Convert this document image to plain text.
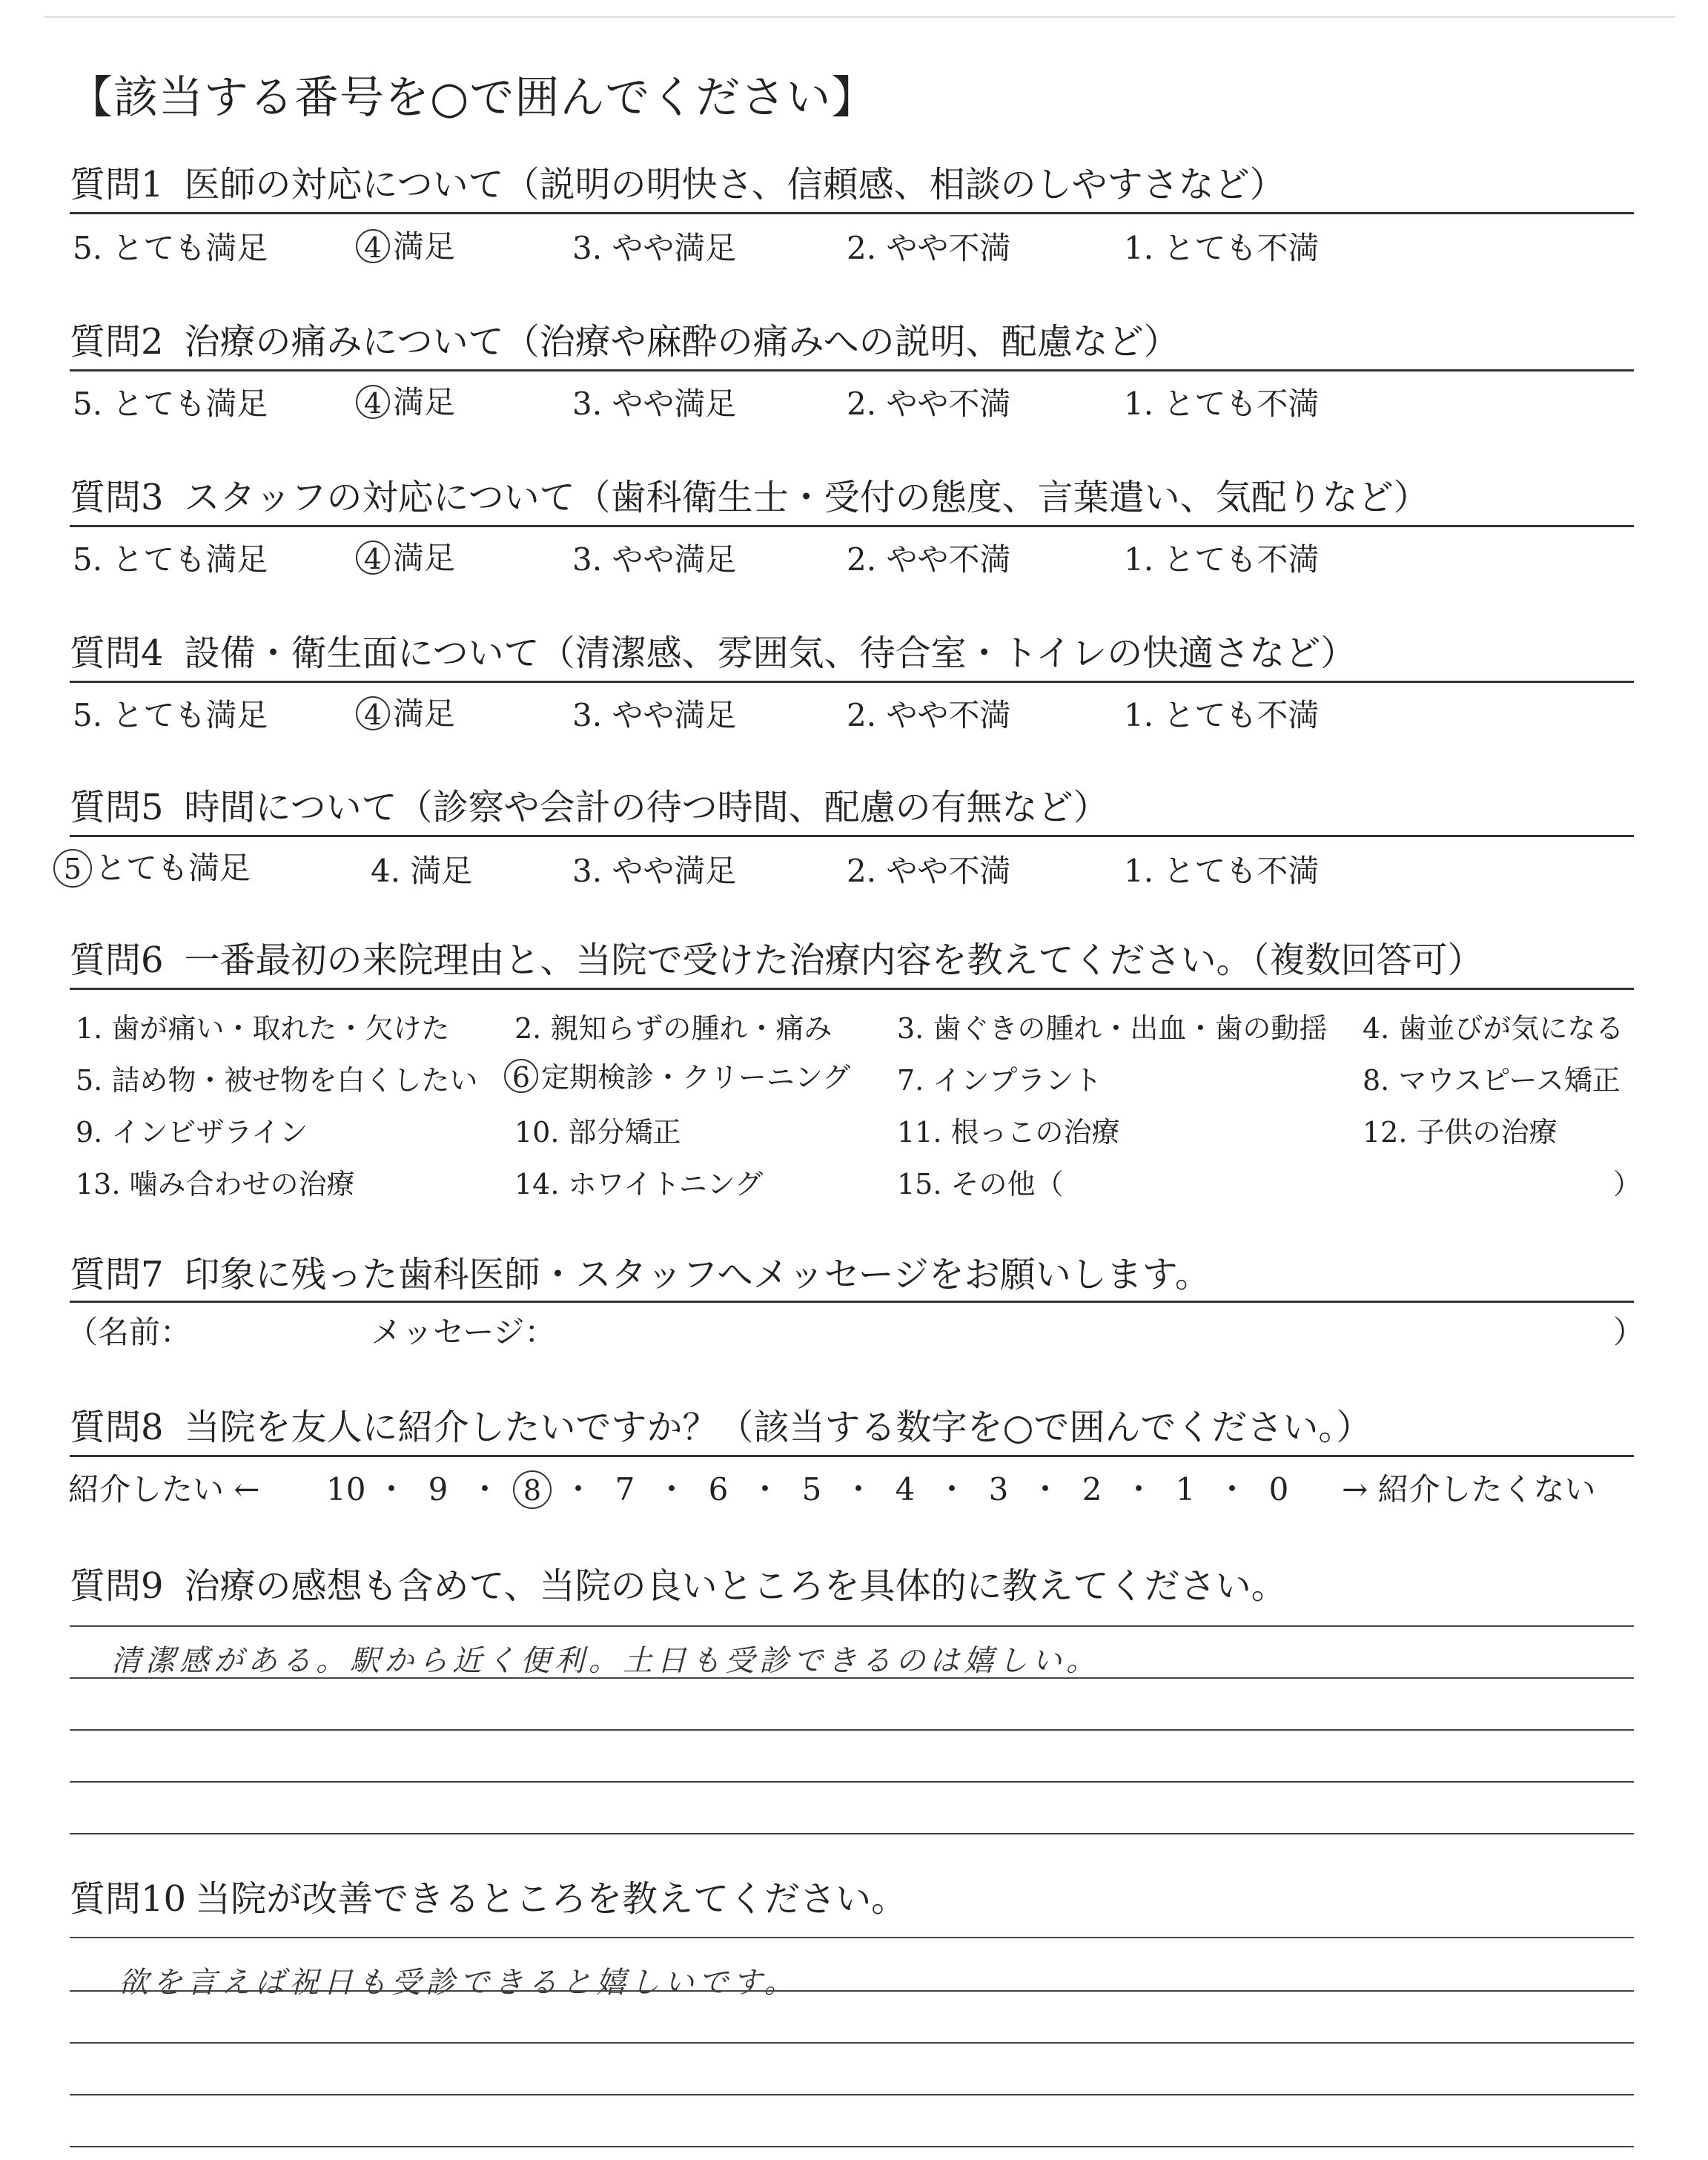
【該当する番号を○で囲んでください】
質問1 医師の対応について（説明の明快さ、信頼感、相談のしやすさなど）
5. とても満足	4 満足	3. やや満足	2. やや不満	1. とても不満
質問2 治療の痛みについて（治療や麻酔の痛みへの説明、配慮など）
5. とても満足	4 満足	3. やや満足	2. やや不満	1. とても不満
質問3 スタッフの対応について（歯科衛生士・受付の態度、言葉遣い、気配りなど）
5. とても満足	4 満足	3. やや満足	2. やや不満	1. とても不満
質問4 設備・衛生面について（清潔感、雰囲気、待合室・トイレの快適さなど）
5. とても満足	4 満足	3. やや満足	2. やや不満	1. とても不満
質問5 時間について（診察や会計の待つ時間、配慮の有無など）
5 とても満足	4. 満足	3. やや満足	2. やや不満	1. とても不満
質問6 一番最初の来院理由と、当院で受けた治療内容を教えてください。（複数回答可）
1. 歯が痛い・取れた・欠けた 2. 親知らずの腫れ・痛み 3. 歯ぐきの腫れ・出血・歯の動揺 4. 歯並びが気になる
5. 詰め物・被せ物を白くしたい 6 定期検診・クリーニング 7. インプラント	8. マウスピース矯正
9. インビザライン	10. 部分矯正	11. 根っこの治療	12. 子供の治療
13. 噛み合わせの治療	14. ホワイトニング	15. その他（	）
質問7 印象に残った歯科医師・スタッフへメッセージをお願いします。
（名前：	メッセージ：	）
質問8 当院を友人に紹介したいですか？（該当する数字を○で囲んでください。）
紹介したい ← 10 ・ 9 ・ 8 ・ 7 ・ 6 ・ 5 ・ 4 ・ 3 ・ 2 ・ 1 ・ 0 → 紹介したくない
質問9 治療の感想も含めて、当院の良いところを具体的に教えてください。
清潔感がある。駅から近く便利。土日も受診できるのは嬉しい。
質問10 当院が改善できるところを教えてください。
欲を言えば祝日も受診できると嬉しいです。
